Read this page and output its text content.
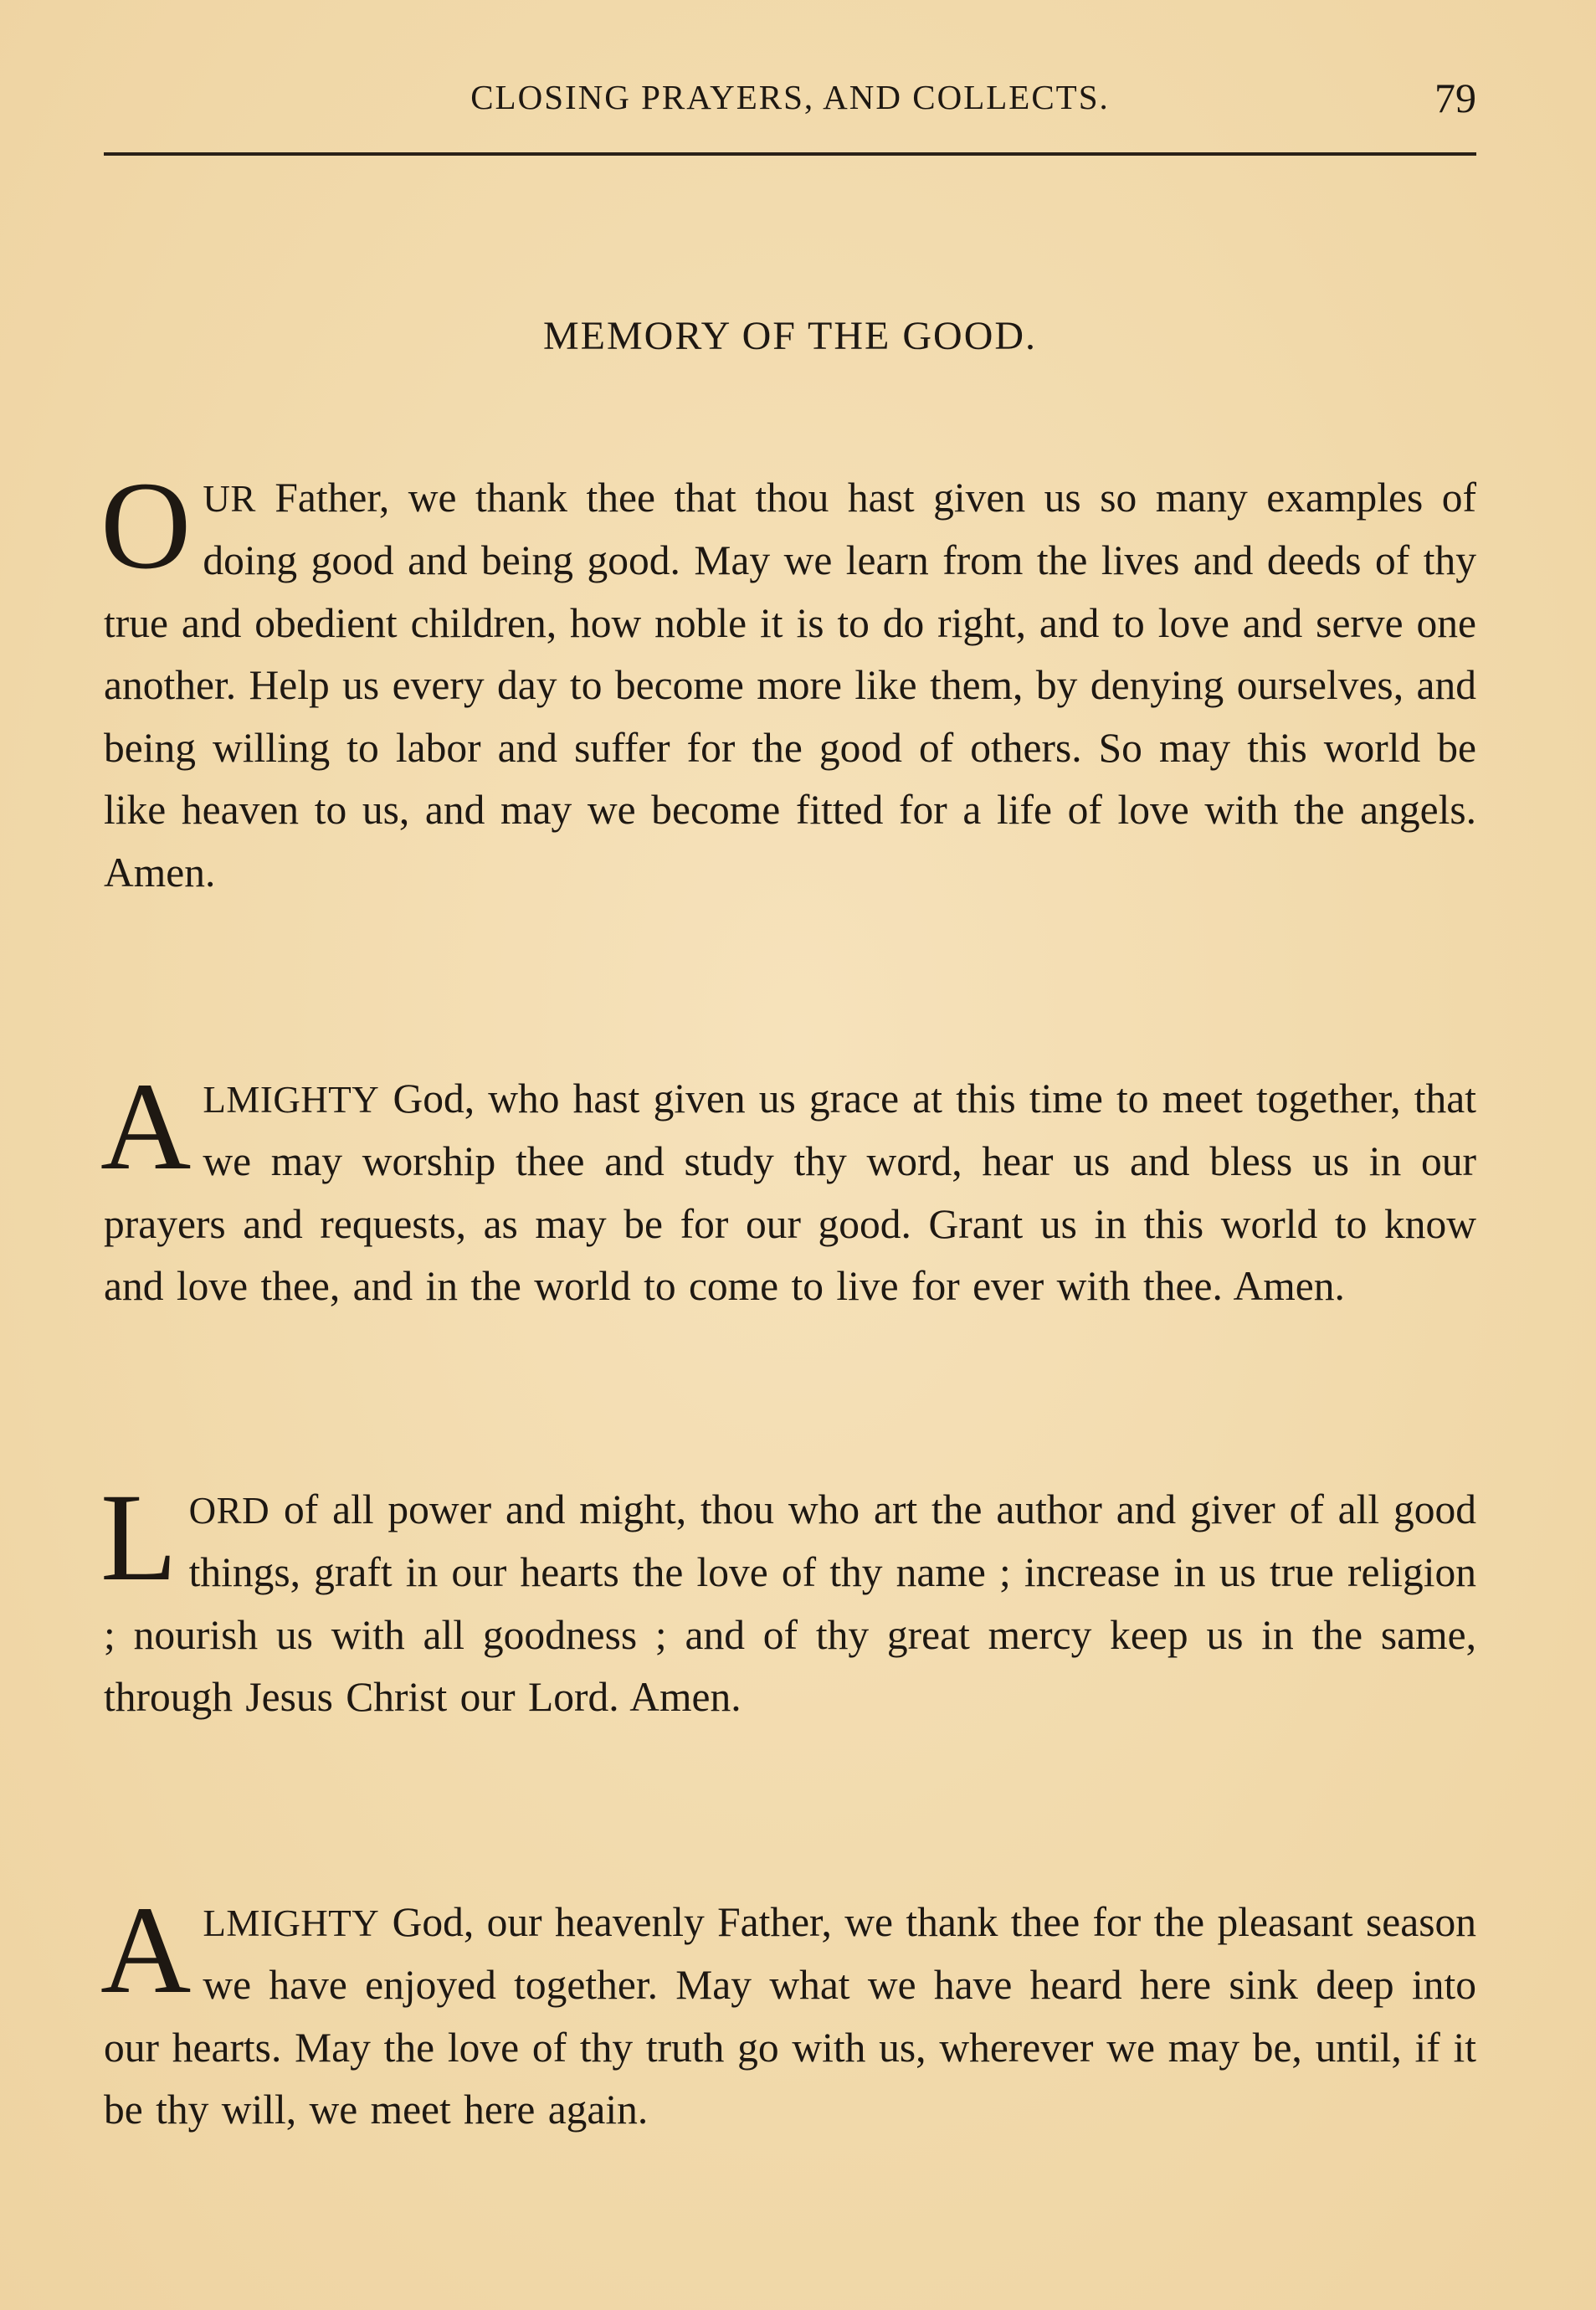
CLOSING PRAYERS, AND COLLECTS.	79
MEMORY OF THE GOOD.

OUR Father, we thank thee that thou hast given us so many examples of doing good and being good. May we learn from the lives and deeds of thy true and obedient children, how noble it is to do right, and to love and serve one another. Help us every day to become more like them, by denying ourselves, and being willing to labor and suffer for the good of others. So may this world be like heaven to us, and may we become fitted for a life of love with the angels. Amen.

ALMIGHTY God, who hast given us grace at this time to meet together, that we may worship thee and study thy word, hear us and bless us in our prayers and requests, as may be for our good. Grant us in this world to know and love thee, and in the world to come to live for ever with thee. Amen.

LORD of all power and might, thou who art the author and giver of all good things, graft in our hearts the love of thy name ; increase in us true religion ; nourish us with all goodness ; and of thy great mercy keep us in the same, through Jesus Christ our Lord. Amen.

ALMIGHTY God, our heavenly Father, we thank thee for the pleasant season we have enjoyed together. May what we have heard here sink deep into our hearts. May the love of thy truth go with us, wherever we may be, until, if it be thy will, we meet here again.
